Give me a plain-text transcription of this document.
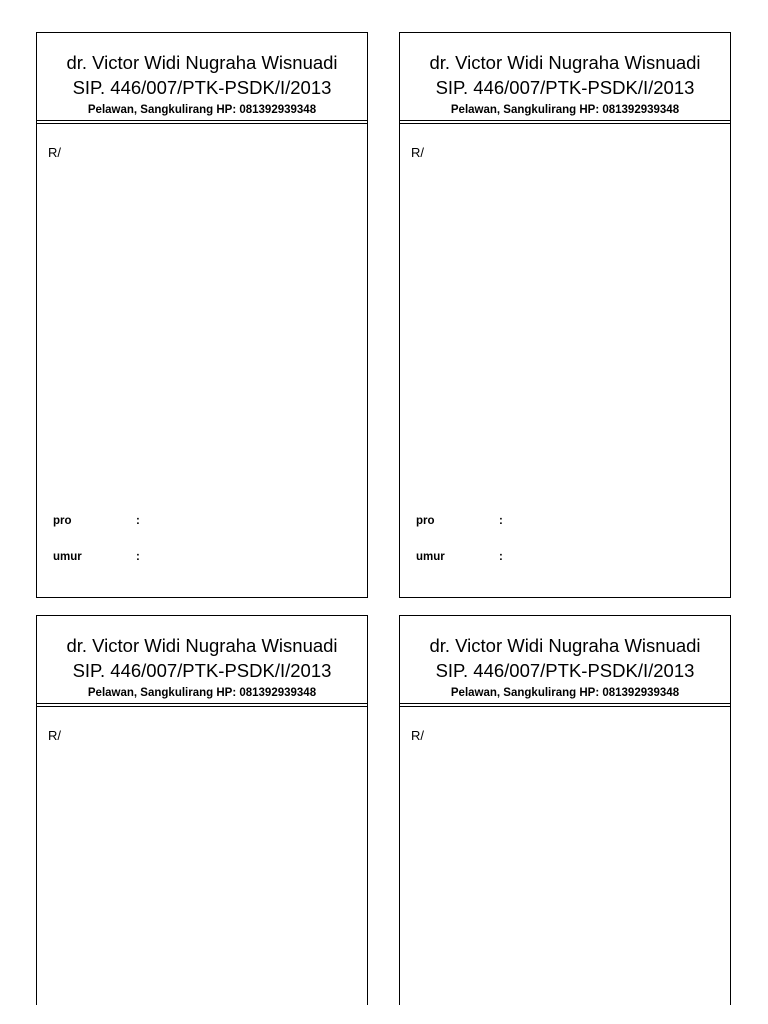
dr. Victor Widi Nugraha Wisnuadi
SIP. 446/007/PTK-PSDK/I/2013
Pelawan, Sangkulirang HP: 081392939348
R/
pro	:
umur	:
dr. Victor Widi Nugraha Wisnuadi
SIP. 446/007/PTK-PSDK/I/2013
Pelawan, Sangkulirang HP: 081392939348
R/
pro	:
umur	:
dr. Victor Widi Nugraha Wisnuadi
SIP. 446/007/PTK-PSDK/I/2013
Pelawan, Sangkulirang HP: 081392939348
R/
dr. Victor Widi Nugraha Wisnuadi
SIP. 446/007/PTK-PSDK/I/2013
Pelawan, Sangkulirang HP: 081392939348
R/
